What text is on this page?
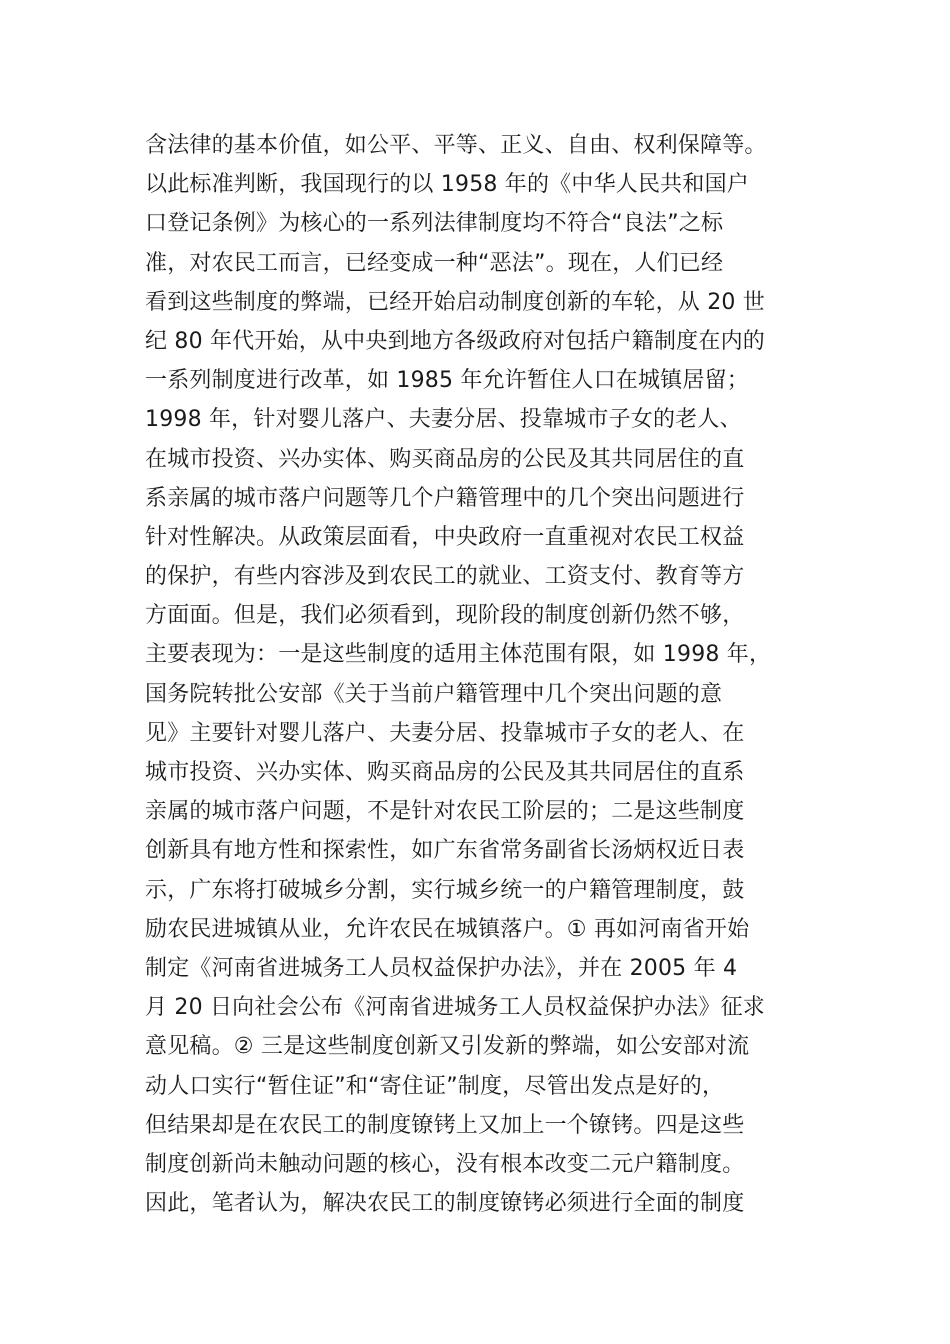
含法律的基本价值，如公平、平等、正义、自由、权利保障等。
以此标准判断，我国现行的以 1958 年的《中华人民共和国户
口登记条例》为核心的一系列法律制度均不符合“良法”之标
准，对农民工而言，已经变成一种“恶法”。现在，人们已经
看到这些制度的弊端，已经开始启动制度创新的车轮，从 20 世
纪 80 年代开始，从中央到地方各级政府对包括户籍制度在内的
一系列制度进行改革，如 1985 年允许暂住人口在城镇居留；
1998 年，针对婴儿落户、夫妻分居、投靠城市子女的老人、
在城市投资、兴办实体、购买商品房的公民及其共同居住的直
系亲属的城市落户问题等几个户籍管理中的几个突出问题进行
针对性解决。从政策层面看，中央政府一直重视对农民工权益
的保护，有些内容涉及到农民工的就业、工资支付、教育等方
方面面。但是，我们必须看到，现阶段的制度创新仍然不够，
主要表现为：一是这些制度的适用主体范围有限，如 1998 年，
国务院转批公安部《关于当前户籍管理中几个突出问题的意
见》主要针对婴儿落户、夫妻分居、投靠城市子女的老人、在
城市投资、兴办实体、购买商品房的公民及其共同居住的直系
亲属的城市落户问题，不是针对农民工阶层的；二是这些制度
创新具有地方性和探索性，如广东省常务副省长汤炳权近日表
示，广东将打破城乡分割，实行城乡统一的户籍管理制度，鼓
励农民进城镇从业，允许农民在城镇落户。① 再如河南省开始
制定《河南省进城务工人员权益保护办法》，并在 2005 年 4
月 20 日向社会公布《河南省进城务工人员权益保护办法》征求
意见稿。② 三是这些制度创新又引发新的弊端，如公安部对流
动人口实行“暂住证”和“寄住证”制度，尽管出发点是好的，
但结果却是在农民工的制度镣铐上又加上一个镣铐。四是这些
制度创新尚未触动问题的核心，没有根本改变二元户籍制度。
因此，笔者认为，解决农民工的制度镣铐必须进行全面的制度
